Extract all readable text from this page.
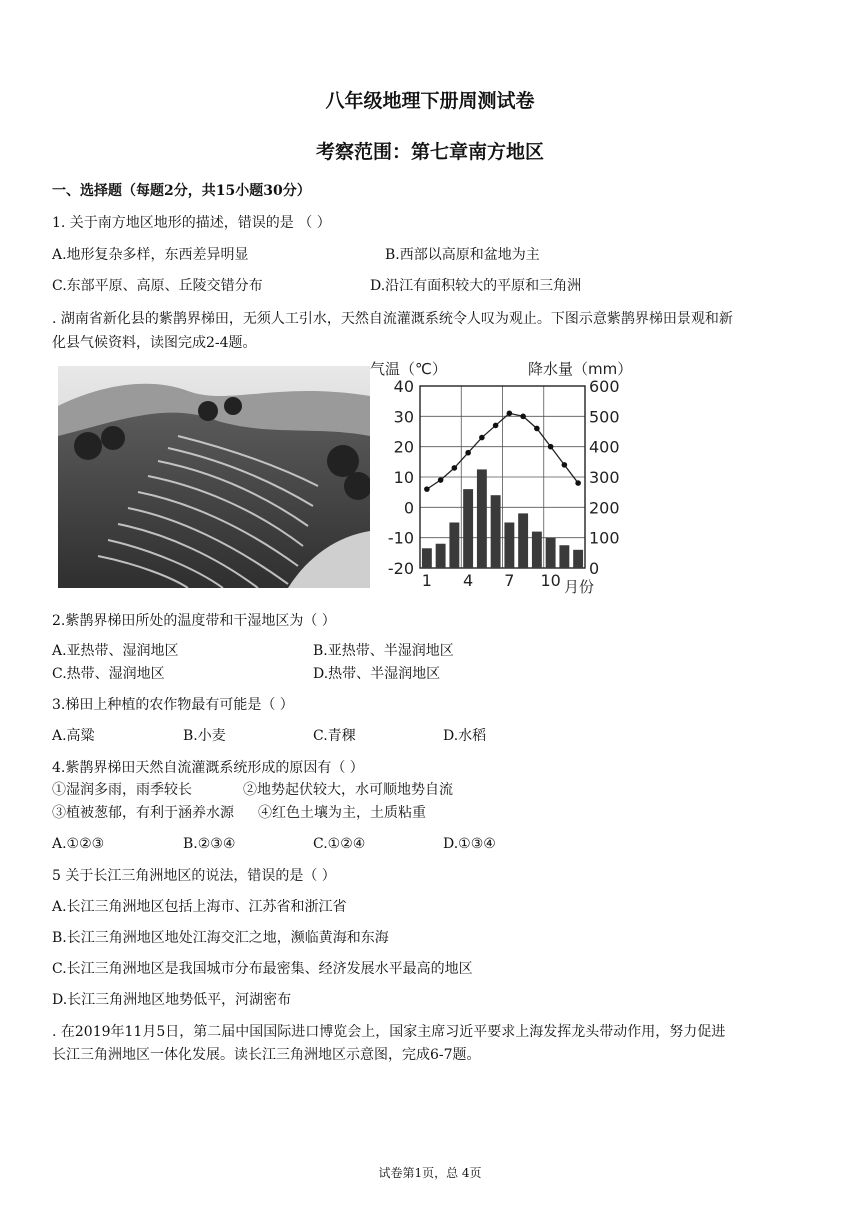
八年级地理下册周测试卷
考察范围：第七章南方地区
一、选择题（每题2分，共15小题30分）
1. 关于南方地区地形的描述，错误的是 （ ）
A.地形复杂多样，东西差异明显	B.西部以高原和盆地为主
C.东部平原、高原、丘陵交错分布	D.沿江有面积较大的平原和三角洲
. 湖南省新化县的紫鹊界梯田，无须人工引水，天然自流灌溉系统令人叹为观止。下图示意紫鹊界梯田景观和新
化县气候资料，读图完成2-4题。
气温（℃）	降水量（mm）
40
30
20
10
0
-10
-20
600
500
400
300
200
100
0
1 4 7 10 月份
2.紫鹊界梯田所处的温度带和干湿地区为（ ）
A.亚热带、湿润地区	B.亚热带、半湿润地区
C.热带、湿润地区	D.热带、半湿润地区
3.梯田上种植的农作物最有可能是（ ）
A.高粱	B.小麦	C.青稞	D.水稻
4.紫鹊界梯田天然自流灌溉系统形成的原因有（ ）
①湿润多雨，雨季较长	②地势起伏较大，水可顺地势自流
③植被葱郁，有利于涵养水源 ④红色土壤为主，土质粘重
A.①②③	B.②③④	C.①②④	D.①③④
5 关于长江三角洲地区的说法，错误的是（ ）
A.长江三角洲地区包括上海市、江苏省和浙江省
B.长江三角洲地区地处江海交汇之地，濒临黄海和东海
C.长江三角洲地区是我国城市分布最密集、经济发展水平最高的地区
D.长江三角洲地区地势低平，河湖密布
. 在2019年11月5日，第二届中国国际进口博览会上，国家主席习近平要求上海发挥龙头带动作用，努力促进
长江三角洲地区一体化发展。读长江三角洲地区示意图，完成6-7题。
试卷第1页，总 4页
